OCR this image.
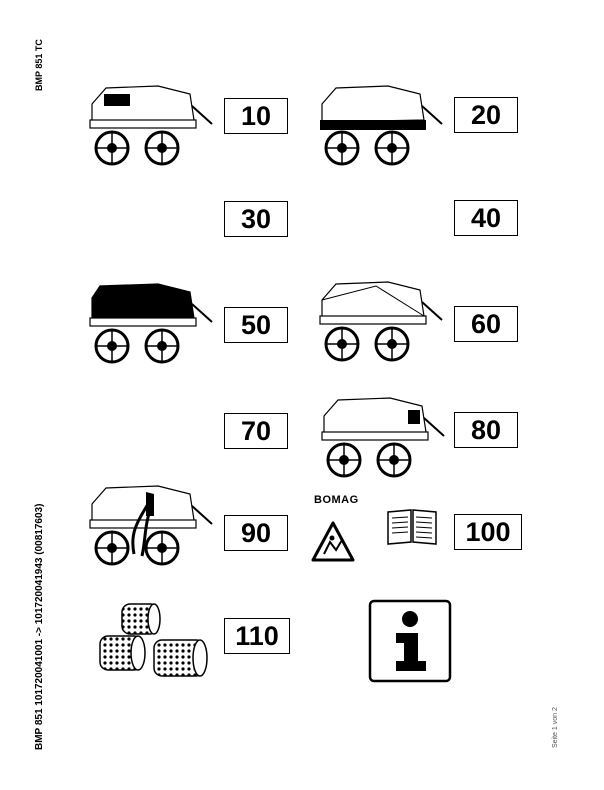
BMP 851 TC
BMP 851 101720041001 -> 101720041943 (00817603)
10	20
30	40
50	60
70	80
90
BOMAG
100
110
Seite 1 von 2
